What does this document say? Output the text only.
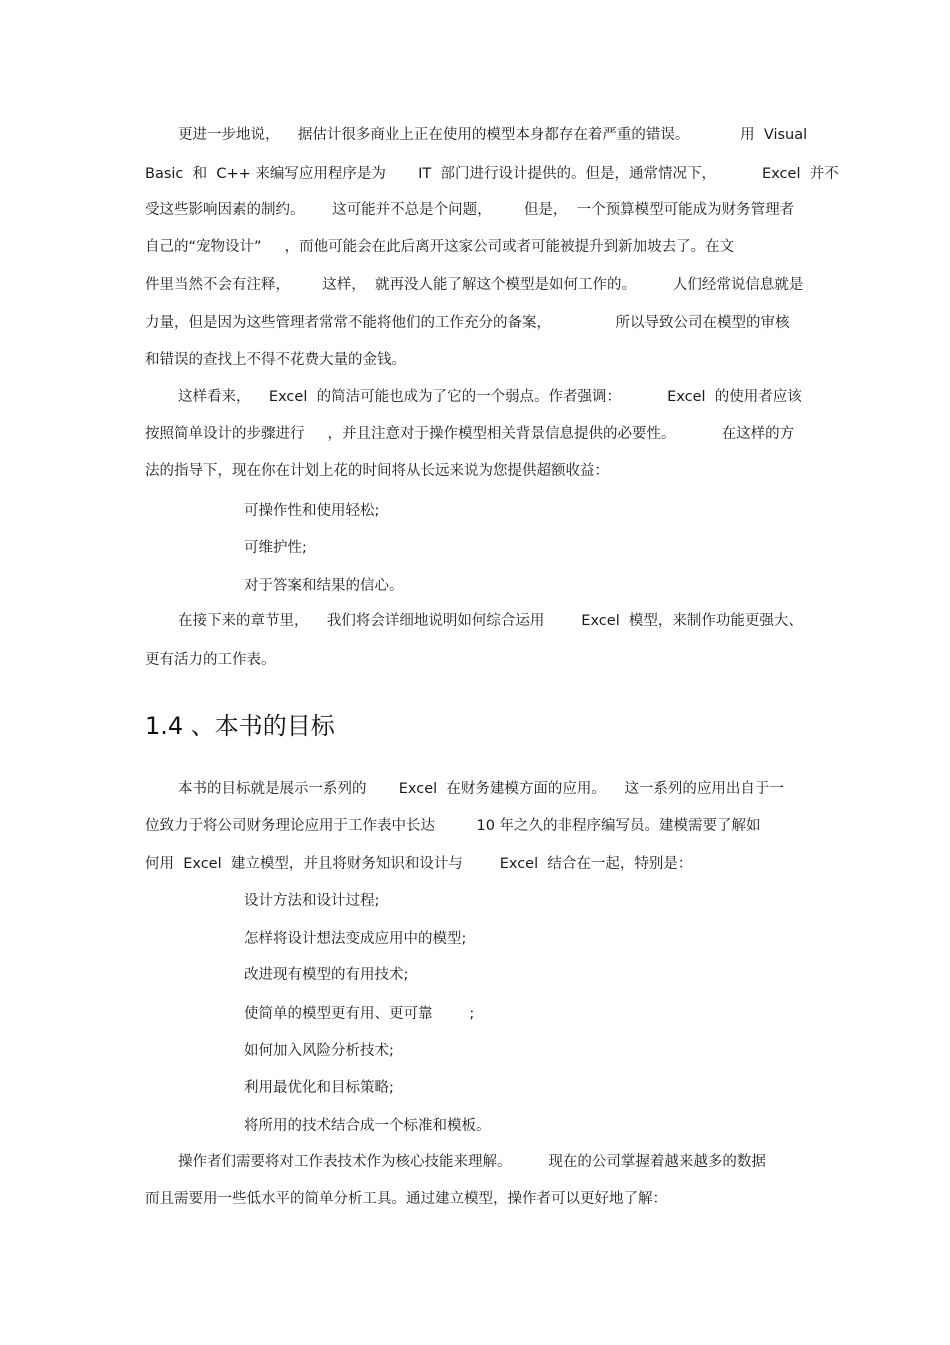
更进一步地说，    据估计很多商业上正在使用的模型本身都存在着严重的错误。           用  Visual
Basic  和  C++ 来编写应用程序是为       IT  部门进行设计提供的。但是，通常情况下，          Excel  并不
受这些影响因素的制约。      这可能并不总是个问题，       但是，  一个预算模型可能成为财务管理者
自己的“宠物设计”     ，而他可能会在此后离开这家公司或者可能被提升到新加坡去了。在文
件里当然不会有注释，       这样，  就再没人能了解这个模型是如何工作的。        人们经常说信息就是
力量，但是因为这些管理者常常不能将他们的工作充分的备案，              所以导致公司在模型的审核
和错误的查找上不得不花费大量的金钱。
这样看来，    Excel  的简洁可能也成为了它的一个弱点。作者强调：          Excel  的使用者应该
按照简单设计的步骤进行     ，并且注意对于操作模型相关背景信息提供的必要性。          在这样的方
法的指导下，现在你在计划上花的时间将从长远来说为您提供超额收益：
可操作性和使用轻松;
可维护性;
对于答案和结果的信心。
在接下来的章节里，    我们将会详细地说明如何综合运用        Excel  模型，来制作功能更强大、
更有活力的工作表。
1.4 、本书的目标
本书的目标就是展示一系列的       Excel  在财务建模方面的应用。    这一系列的应用出自于一
位致力于将公司财务理论应用于工作表中长达         10 年之久的非程序编写员。建模需要了解如
何用  Excel  建立模型，并且将财务知识和设计与        Excel  结合在一起，特别是：
设计方法和设计过程;
怎样将设计想法变成应用中的模型;
改进现有模型的有用技术;
使简单的模型更有用、更可靠        ;
如何加入风险分析技术;
利用最优化和目标策略;
将所用的技术结合成一个标准和模板。
操作者们需要将对工作表技术作为核心技能来理解。        现在的公司掌握着越来越多的数据
而且需要用一些低水平的简单分析工具。通过建立模型，操作者可以更好地了解：
